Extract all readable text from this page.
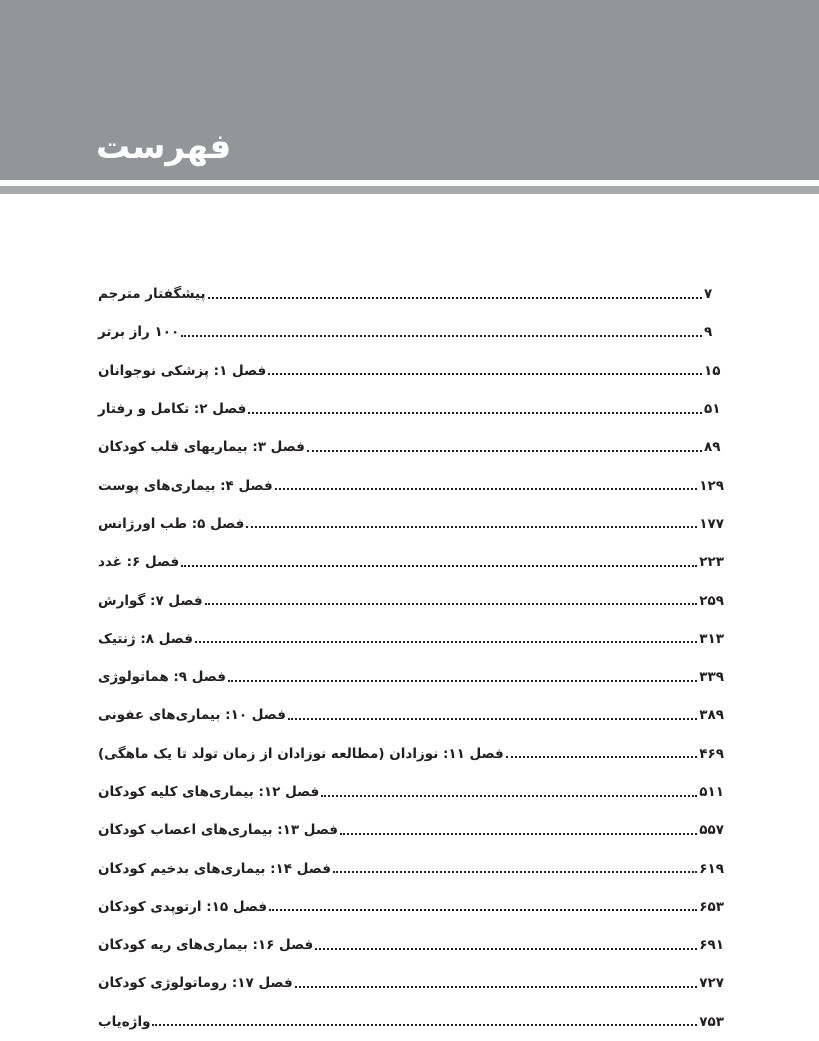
فهرست
پیشگفتار مترجم	۷
۱۰۰ راز برتر	۹
فصل ۱: پزشکی نوجوانان	۱۵
فصل ۲: تکامل و رفتار	۵۱
فصل ۳: بیماریهای قلب کودکان	۸۹
فصل ۴: بیماری‌های پوست	۱۲۹
فصل ۵: طب اورژانس	۱۷۷
فصل ۶: غدد	۲۲۳
فصل ۷: گوارش	۲۵۹
فصل ۸: ژنتیک	۳۱۳
فصل ۹: هماتولوژی	۳۳۹
فصل ۱۰: بیماری‌های عفونی	۳۸۹
فصل ۱۱: نوزادان (مطالعه نوزادان از زمان تولد تا یک ماهگی)	۴۶۹
فصل ۱۲: بیماری‌های کلیه کودکان	۵۱۱
فصل ۱۳: بیماری‌های اعصاب کودکان	۵۵۷
فصل ۱۴: بیماری‌های بدخیم کودکان	۶۱۹
فصل ۱۵: ارتوپدی کودکان	۶۵۳
فصل ۱۶: بیماری‌های ریه کودکان	۶۹۱
فصل ۱۷: روماتولوژی کودکان	۷۲۷
واژه‌یاب	۷۵۳
